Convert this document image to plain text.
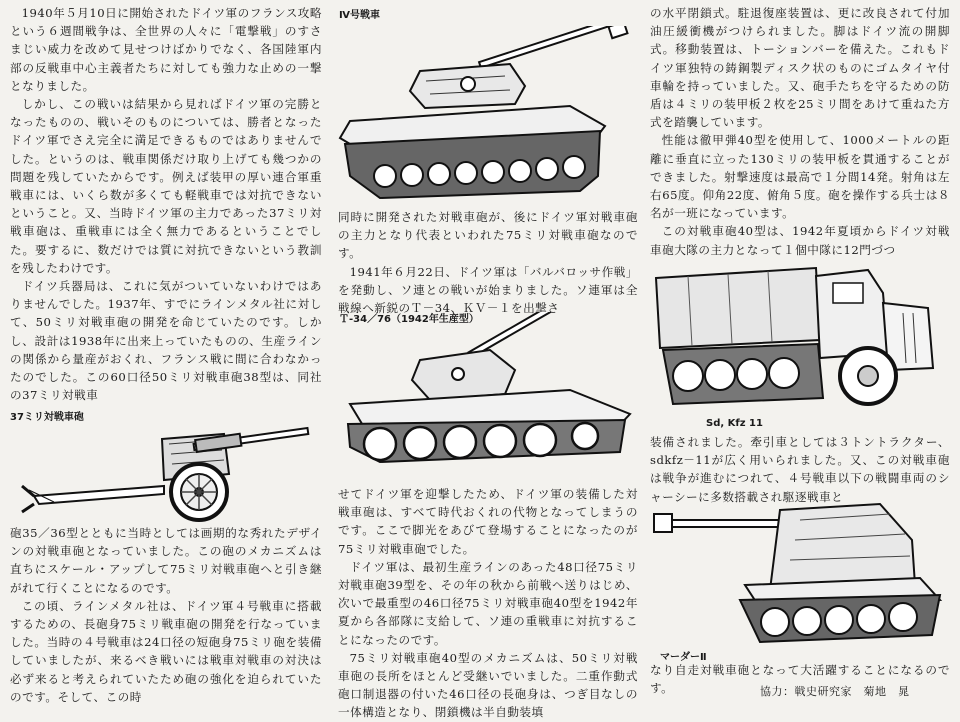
1940年５月10日に開始されたドイツ軍のフランス攻略という６週間戦争は、全世界の人々に「電撃戦」のすさまじい威力を改めて見せつけばかりでなく、各国陸軍内部の反戦車中心主義者たちに対しても強力な止めの一撃となりました。

しかし、この戦いは結果から見ればドイツ軍の完勝となったものの、戦いそのものについては、勝者となったドイツ軍でさえ完全に満足できるものではありませんでした。というのは、戦車関係だけ取り上げても幾つかの問題を残していたからです。例えば装甲の厚い連合軍重戦車には、いくら数が多くても軽戦車では対抗できないということ。又、当時ドイツ軍の主力であった37ミリ対戦車砲は、重戦車には全く無力であるということでした。要するに、数だけでは質に対抗できないという教訓を残したわけです。

ドイツ兵器局は、これに気がついていないわけではありませんでした。1937年、すでにラインメタル社に対して、50ミリ対戦車砲の開発を命じていたのです。しかし、設計は1938年に出来上っていたものの、生産ラインの関係から量産がおくれ、フランス戦に間に合わなかったのでした。この60口径50ミリ対戦車砲38型は、同社の37ミリ対戦車

37ミリ対戦車砲

砲35／36型とともに当時としては画期的な秀れたデザインの対戦車砲となっていました。この砲のメカニズムは直ちにスケール・アップして75ミリ対戦車砲へと引き継がれて行くことになるのです。

この頃、ラインメタル社は、ドイツ軍４号戦車に搭載するための、長砲身75ミリ戦車砲の開発を行なっていました。当時の４号戦車は24口径の短砲身75ミリ砲を装備していましたが、来るべき戦いには戦車対戦車の対決は必ず来ると考えられていたため砲の強化を迫られていたのです。そして、この時

Ⅳ号戦車

同時に開発された対戦車砲が、後にドイツ軍対戦車砲の主力となり代表といわれた75ミリ対戦車砲なのです。

1941年６月22日、ドイツ軍は「バルバロッサ作戦」を発動し、ソ連との戦いが始まりました。ソ連軍は全戦線へ新鋭のＴ－34、ＫＶ－１を出撃さ

Ｔ-34／76（1942年生産型）

せてドイツ軍を迎撃したため、ドイツ軍の装備した対戦車砲は、すべて時代おくれの代物となってしまうのです。ここで脚光をあびて登場することになったのが75ミリ対戦車砲でした。

ドイツ軍は、最初生産ラインのあった48口径75ミリ対戦車砲39型を、その年の秋から前戦へ送りはじめ、次いで最重型の46口径75ミリ対戦車砲40型を1942年夏から各部隊に支給して、ソ連の重戦車に対抗することになったのです。

75ミリ対戦車砲40型のメカニズムは、50ミリ対戦車砲の長所をほとんど受継いでいました。二重作動式砲口制退器の付いた46口径の長砲身は、つぎ目なしの一体構造となり、閉鎖機は半自動装填

の水平閉鎖式。駐退復座装置は、更に改良されて付加油圧緩衝機がつけられました。脚はドイツ流の開脚式。移動装置は、トーションバーを備えた。これもドイツ軍独特の鋳鋼製ディスク状のものにゴムタイヤ付車輪を持っていました。又、砲手たちを守るための防盾は４ミリの装甲板２枚を25ミリ間をあけて重ねた方式を踏襲しています。

性能は徹甲弾40型を使用して、1000メートルの距離に垂直に立った130ミリの装甲板を貫通することができました。射撃速度は最高で１分間14発。射角は左右65度。仰角22度、俯角５度。砲を操作する兵士は８名が一班になっています。

この対戦車砲40型は、1942年夏頃からドイツ対戦車砲大隊の主力となって１個中隊に12門づつ

Sd, Kfz 11

装備されました。牽引車としては３トントラクター、sdkfz－11が広く用いられました。又、この対戦車砲は戦争が進むにつれて、４号戦車以下の戦闘車両のシャーシーに多数搭載され駆逐戦車と

マーダーⅡ
なり自走対戦車砲となって大活躍することになるのです。	協力：戦史研究家　菊地　晁
